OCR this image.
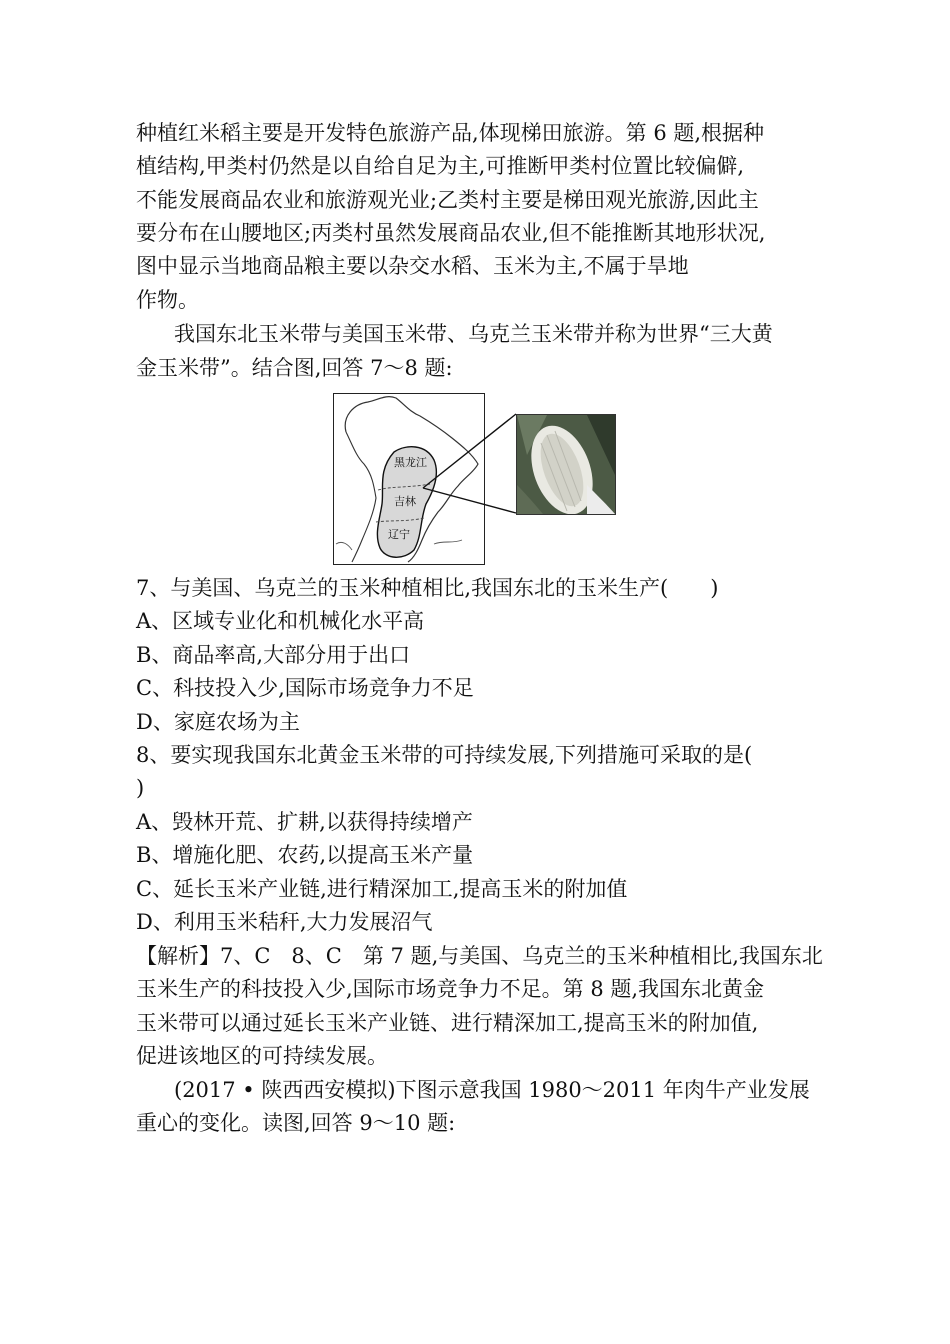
种植红米稻主要是开发特色旅游产品,体现梯田旅游。第 6 题,根据种
植结构,甲类村仍然是以自给自足为主,可推断甲类村位置比较偏僻,
不能发展商品农业和旅游观光业;乙类村主要是梯田观光旅游,因此主
要分布在山腰地区;丙类村虽然发展商品农业,但不能推断其地形状况,
图中显示当地商品粮主要以杂交水稻、玉米为主,不属于旱地
作物。
我国东北玉米带与美国玉米带、乌克兰玉米带并称为世界“三大黄
金玉米带”。结合图,回答 7～8 题:
黑龙江
吉林
辽宁
7、与美国、乌克兰的玉米种植相比,我国东北的玉米生产(　　)
A、区域专业化和机械化水平高
B、商品率高,大部分用于出口
C、科技投入少,国际市场竞争力不足
D、家庭农场为主
8、要实现我国东北黄金玉米带的可持续发展,下列措施可采取的是(
)
A、毁林开荒、扩耕,以获得持续增产
B、增施化肥、农药,以提高玉米产量
C、延长玉米产业链,进行精深加工,提高玉米的附加值
D、利用玉米秸秆,大力发展沼气
【解析】7、C　8、C　第 7 题,与美国、乌克兰的玉米种植相比,我国东北
玉米生产的科技投入少,国际市场竞争力不足。第 8 题,我国东北黄金
玉米带可以通过延长玉米产业链、进行精深加工,提高玉米的附加值,
促进该地区的可持续发展。
(2017 • 陕西西安模拟)下图示意我国 1980～2011 年肉牛产业发展
重心的变化。读图,回答 9～10 题:
